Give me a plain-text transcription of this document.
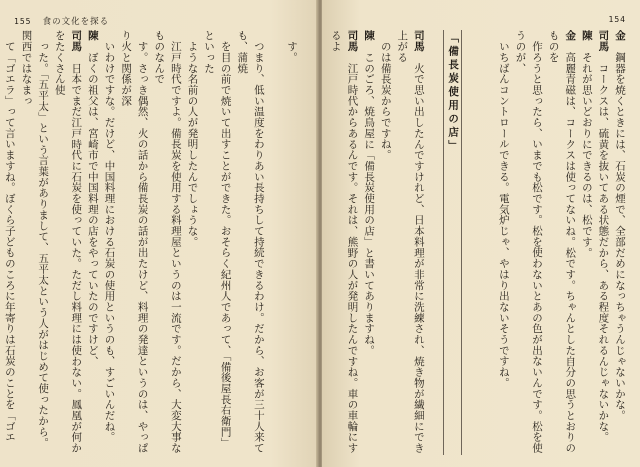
155 食の文化を探る

　す。

　つまり、低い温度をわりあい長持ちして持続できるわけ。だから、お客が三十人来ても、蒲焼

　を目の前で焼いて出すことができた。おそらく紀州人であって、「備後屋長右衛門」といった

　ような名前の人が発明したんでしょうな。

　江戸時代ですよ。備長炭を使用する料理屋というのは一流です。だから、大変大事なものなんで

　す。さっき偶然、火の話から備長炭の話が出たけど、料理の発達というのは、やっぱり火と関係が深

　いわけですな。だけど、中国料理における石炭の使用というのも、すごいんだね。

陳　ぼくの祖父は、宮崎市で中国料理の店をやっていたのですけど、

司馬　日本でまだ江戸時代に石炭を使っていた。ただし料理には使わない。鳳凰が何かをたくさん使

　った。「五平太」という言葉がありまして、五平太という人がはじめて使ったから。関西ではなまっ

　て「ゴエラ」って言いますね。ぼくら子どものころに年寄りは石炭のことを「ゴエ

154

金　鋼器を焼くときには、石炭の煙で、全部だめになっちゃうんじゃないかな。

司馬　コークスは、硫黄を抜いてある状態だから、ある程度それるんじゃないかな。

陳　それが思いどおりにできるのは、松です。

金　高麗青磁は、コークスは使ってないね。松です。ちゃんとした自分の思うとおりのものを

　作ろうと思ったら、いまでも松です。松を使わないとあの色が出ないんです。松を使うのが、

　いちばんコントロールできる。電気炉じゃ、やはり出ないそうですね。

「備長炭使用の店」

司馬　火で思い出したんですけれど、日本料理が非常に洗練され、焼き物が繊細にでき上がる

　のは備長炭からですね。

陳　このごろ、焼鳥屋に「備長炭使用の店」と書いてありますね。

司馬　江戸時代からあるんです。それは、熊野の人が発明したんですね。車の車輪にするよ
